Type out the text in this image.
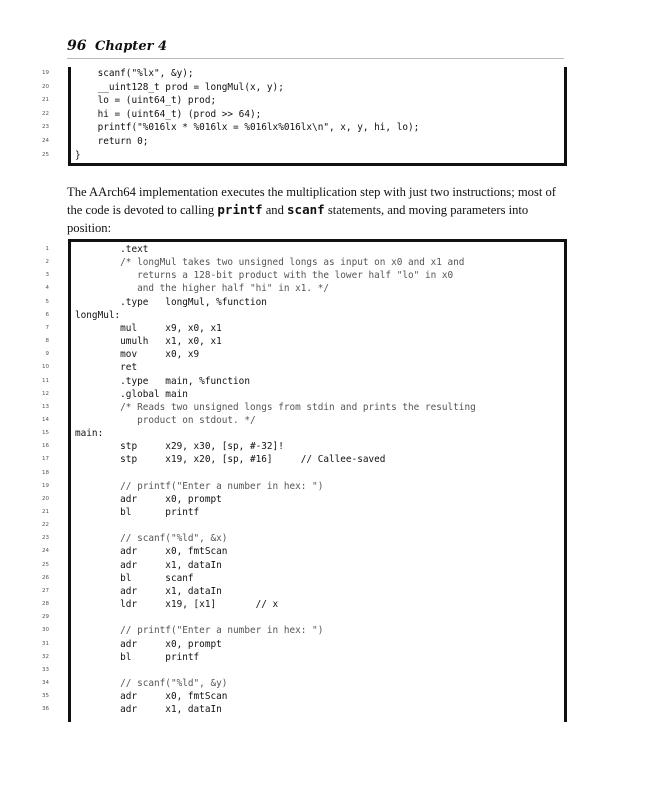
96 Chapter 4
19	scanf("%lx", &y);
20	__uint128_t prod = longMul(x, y);
21	lo = (uint64_t) prod;
22	hi = (uint64_t) (prod >> 64);
23	printf("%016lx * %016lx = %016lx%016lx\n", x, y, hi, lo);
24	return 0;
25	}
The AArch64 implementation executes the multiplication step with just two instructions; most of the code is devoted to calling printf and scanf statements, and moving parameters into position:
1	.text
2	/* longMul takes two unsigned longs as input on x0 and x1 and
3	returns a 128-bit product with the lower half "lo" in x0
4	and the higher half "hi" in x1. */
5	.type   longMul, %function
6	longMul:
7	mul     x9, x0, x1
8	umulh   x1, x0, x1
9	mov     x0, x9
10	ret
11	.type   main, %function
12	.global main
13	/* Reads two unsigned longs from stdin and prints the resulting
14	product on stdout. */
15	main:
16	stp     x29, x30, [sp, #-32]!
17	stp     x19, x20, [sp, #16]     // Callee-saved
18
19	// printf("Enter a number in hex: ")
20	adr     x0, prompt
21	bl      printf
22
23	// scanf("%ld", &x)
24	adr     x0, fmtScan
25	adr     x1, dataIn
26	bl      scanf
27	adr     x1, dataIn
28	ldr     x19, [x1]       // x
29
30	// printf("Enter a number in hex: ")
31	adr     x0, prompt
32	bl      printf
33
34	// scanf("%ld", &y)
35	adr     x0, fmtScan
36	adr     x1, dataIn
